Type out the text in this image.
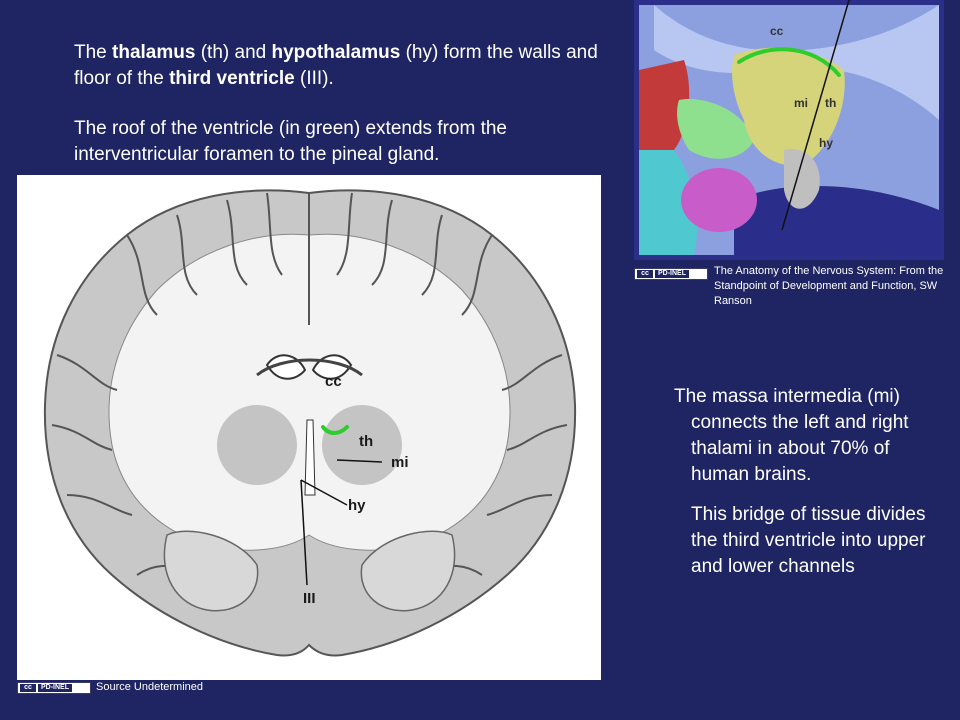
The thalamus (th) and hypothalamus (hy) form the walls and floor of the third ventricle (III).

The roof of the ventricle (in green) extends from the interventricular foramen to the pineal gland.

cc
th
mi
hy
III
cc	PD-INEL Source Undetermined
cc
mi th
hy
cc	PD-INEL	The Anatomy of the Nervous System: From the Standpoint of Development and Function, SW Ranson
The massa intermedia (mi) connects the left and right thalami in about 70% of human brains.
This bridge of tissue divides the third ventricle into upper and lower channels
